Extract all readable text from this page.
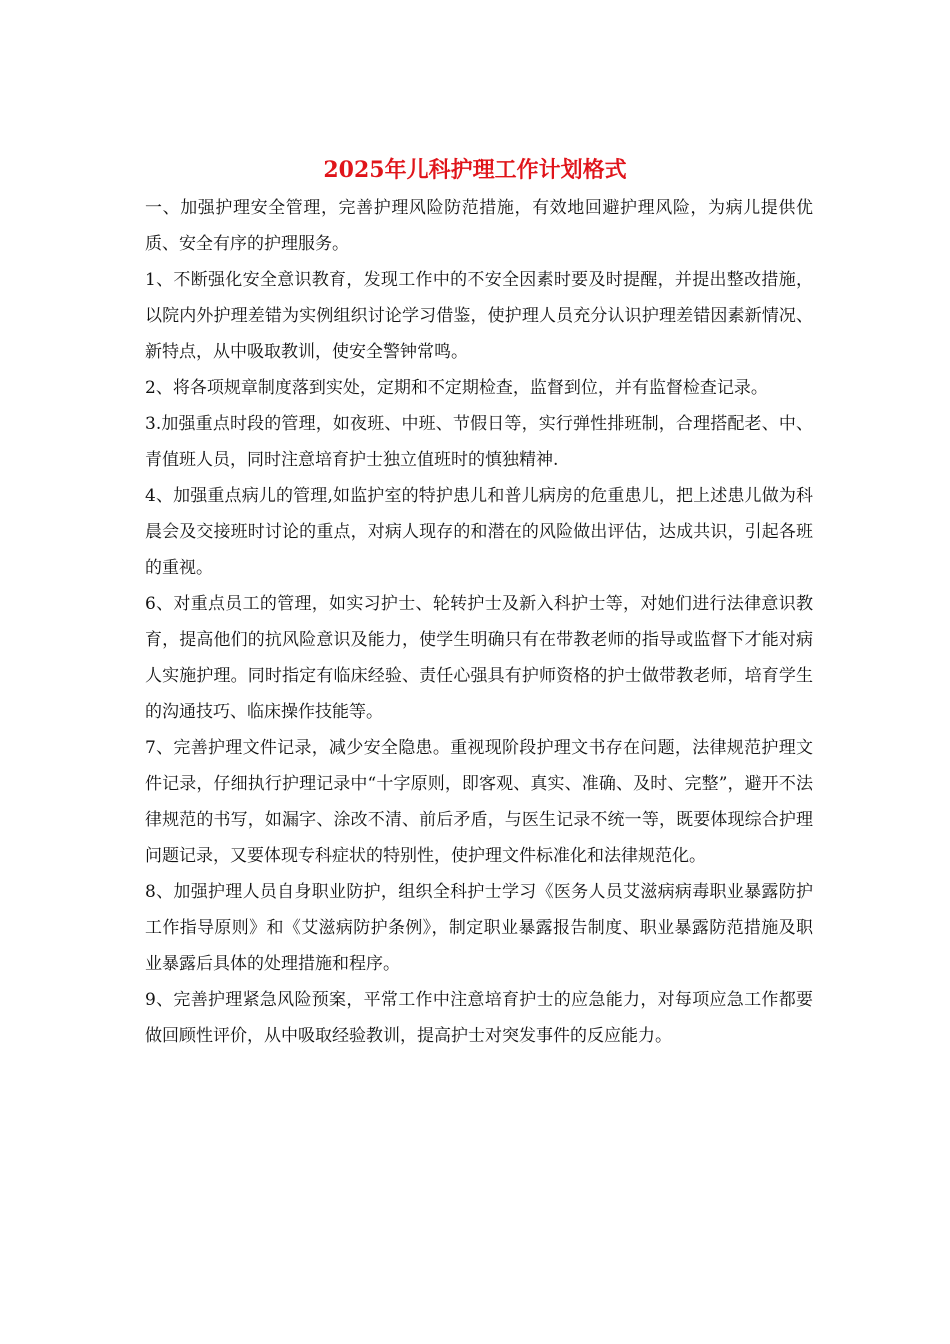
2025年儿科护理工作计划格式

一、加强护理安全管理，完善护理风险防范措施，有效地回避护理风险，为病儿提供优质、安全有序的护理服务。

1、不断强化安全意识教育，发现工作中的不安全因素时要及时提醒，并提出整改措施，以院内外护理差错为实例组织讨论学习借鉴，使护理人员充分认识护理差错因素新情况、新特点，从中吸取教训，使安全警钟常鸣。

2、将各项规章制度落到实处，定期和不定期检查，监督到位，并有监督检查记录。

3.加强重点时段的管理，如夜班、中班、节假日等，实行弹性排班制，合理搭配老、中、青值班人员，同时注意培育护士独立值班时的慎独精神.

4、加强重点病儿的管理,如监护室的特护患儿和普儿病房的危重患儿，把上述患儿做为科晨会及交接班时讨论的重点，对病人现存的和潜在的风险做出评估，达成共识，引起各班的重视。

6、对重点员工的管理，如实习护士、轮转护士及新入科护士等，对她们进行法律意识教育，提高他们的抗风险意识及能力，使学生明确只有在带教老师的指导或监督下才能对病人实施护理。同时指定有临床经验、责任心强具有护师资格的护士做带教老师，培育学生的沟通技巧、临床操作技能等。

7、完善护理文件记录，减少安全隐患。重视现阶段护理文书存在问题，法律规范护理文件记录，仔细执行护理记录中“十字原则，即客观、真实、准确、及时、完整”，避开不法律规范的书写，如漏字、涂改不清、前后矛盾，与医生记录不统一等，既要体现综合护理问题记录，又要体现专科症状的特别性，使护理文件标准化和法律规范化。

8、加强护理人员自身职业防护，组织全科护士学习《医务人员艾滋病病毒职业暴露防护工作指导原则》和《艾滋病防护条例》，制定职业暴露报告制度、职业暴露防范措施及职业暴露后具体的处理措施和程序。

9、完善护理紧急风险预案，平常工作中注意培育护士的应急能力，对每项应急工作都要做回顾性评价，从中吸取经验教训，提高护士对突发事件的反应能力。
